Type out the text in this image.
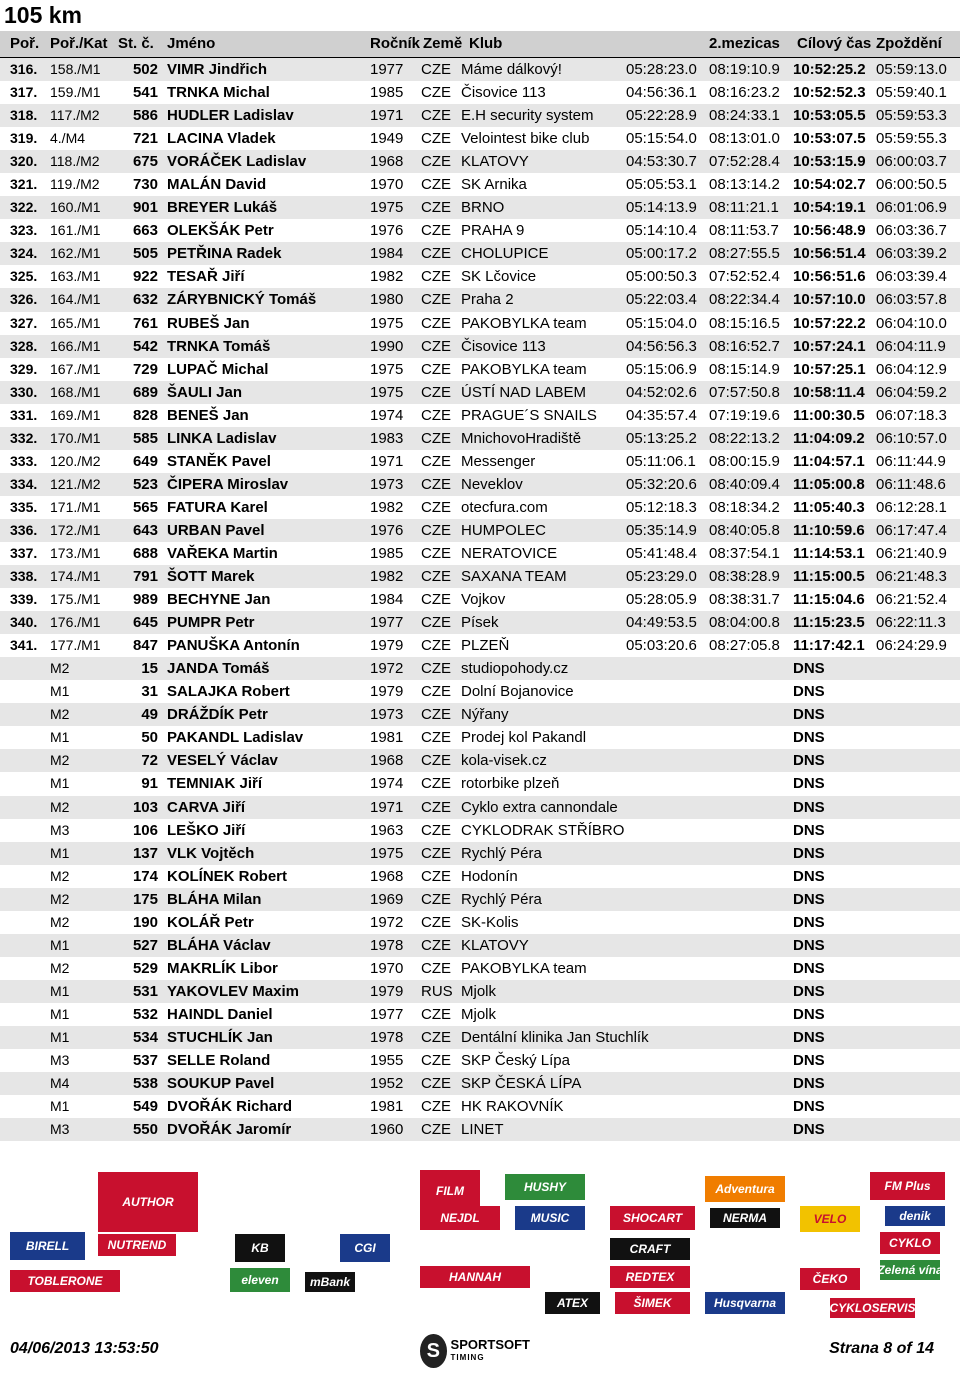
105 km
Poř. Poř./Kat St. č. Jméno	Ročník Země Klub	2.mezicas Cílový čas Zpoždění
316. 158./M1	502 VIMR Jindřich	1977 CZE Máme dálkový!	05:28:23.0 08:19:10.9 10:52:25.2 05:59:13.0
317. 159./M1	541 TRNKA Michal	1985 CZE Čisovice 113	04:56:36.1 08:16:23.2 10:52:52.3 05:59:40.1
318. 117./M2	586 HUDLER Ladislav	1971 CZE E.H security system	05:22:28.9 08:24:33.1 10:53:05.5 05:59:53.3
319. 4./M4	721 LACINA Vladek	1949 CZE Velointest bike club	05:15:54.0 08:13:01.0 10:53:07.5 05:59:55.3
320. 118./M2	675 VORÁČEK Ladislav	1968 CZE KLATOVY	04:53:30.7 07:52:28.4 10:53:15.9 06:00:03.7
321. 119./M2	730 MALÁN David	1970 CZE SK Arnika	05:05:53.1 08:13:14.2 10:54:02.7 06:00:50.5
322. 160./M1	901 BREYER Lukáš	1975 CZE BRNO	05:14:13.9 08:11:21.1 10:54:19.1 06:01:06.9
323. 161./M1	663 OLEKŠÁK Petr	1976 CZE PRAHA 9	05:14:10.4 08:11:53.7 10:56:48.9 06:03:36.7
324. 162./M1	505 PETŘINA Radek	1984 CZE CHOLUPICE	05:00:17.2 08:27:55.5 10:56:51.4 06:03:39.2
325. 163./M1	922 TESAŘ Jiří	1982 CZE SK Lčovice	05:00:50.3 07:52:52.4 10:56:51.6 06:03:39.4
326. 164./M1	632 ZÁRYBNICKÝ Tomáš	1980 CZE Praha 2	05:22:03.4 08:22:34.4 10:57:10.0 06:03:57.8
327. 165./M1	761 RUBEŠ Jan	1975 CZE PAKOBYLKA team	05:15:04.0 08:15:16.5 10:57:22.2 06:04:10.0
328. 166./M1	542 TRNKA Tomáš	1990 CZE Čisovice 113	04:56:56.3 08:16:52.7 10:57:24.1 06:04:11.9
329. 167./M1	729 LUPAČ Michal	1975 CZE PAKOBYLKA team	05:15:06.9 08:15:14.9 10:57:25.1 06:04:12.9
330. 168./M1	689 ŠAULI Jan	1975 CZE ÚSTÍ NAD LABEM	04:52:02.6 07:57:50.8 10:58:11.4 06:04:59.2
331. 169./M1	828 BENEŠ Jan	1974 CZE PRAGUE´S SNAILS	04:35:57.4 07:19:19.6 11:00:30.5 06:07:18.3
332. 170./M1	585 LINKA Ladislav	1983 CZE MnichovoHradiště	05:13:25.2 08:22:13.2 11:04:09.2 06:10:57.0
333. 120./M2	649 STANĚK Pavel	1971 CZE Messenger	05:11:06.1 08:00:15.9 11:04:57.1 06:11:44.9
334. 121./M2	523 ČIPERA Miroslav	1973 CZE Neveklov	05:32:20.6 08:40:09.4 11:05:00.8 06:11:48.6
335. 171./M1	565 FATURA Karel	1982 CZE otecfura.com	05:12:18.3 08:18:34.2 11:05:40.3 06:12:28.1
336. 172./M1	643 URBAN Pavel	1976 CZE HUMPOLEC	05:35:14.9 08:40:05.8 11:10:59.6 06:17:47.4
337. 173./M1	688 VAŘEKA Martin	1985 CZE NERATOVICE	05:41:48.4 08:37:54.1 11:14:53.1 06:21:40.9
338. 174./M1	791 ŠOTT Marek	1982 CZE SAXANA TEAM	05:23:29.0 08:38:28.9 11:15:00.5 06:21:48.3
339. 175./M1	989 BECHYNE Jan	1984 CZE Vojkov	05:28:05.9 08:38:31.7 11:15:04.6 06:21:52.4
340. 176./M1	645 PUMPR Petr	1977 CZE Písek	04:49:53.5 08:04:00.8 11:15:23.5 06:22:11.3
341. 177./M1	847 PANUŠKA Antonín	1979 CZE PLZEŇ	05:03:20.6 08:27:05.8 11:17:42.1 06:24:29.9
M2	15 JANDA Tomáš	1972 CZE studiopohody.cz	DNS
M1	31 SALAJKA Robert	1979 CZE Dolní Bojanovice	DNS
M2	49 DRÁŽDÍK Petr	1973 CZE Nýřany	DNS
M1	50 PAKANDL Ladislav	1981 CZE Prodej kol Pakandl	DNS
M2	72 VESELÝ Václav	1968 CZE kola-visek.cz	DNS
M1	91 TEMNIAK Jiří	1974 CZE rotorbike plzeň	DNS
M2	103 CARVA Jiří	1971 CZE Cyklo extra cannondale	DNS
M3	106 LEŠKO Jiří	1963 CZE CYKLODRAK STŘÍBRO	DNS
M1	137 VLK Vojtěch	1975 CZE Rychlý Péra	DNS
M2	174 KOLÍNEK Robert	1968 CZE Hodonín	DNS
M2	175 BLÁHA Milan	1969 CZE Rychlý Péra	DNS
M2	190 KOLÁŘ Petr	1972 CZE SK-Kolis	DNS
M1	527 BLÁHA Václav	1978 CZE KLATOVY	DNS
M2	529 MAKRLÍK Libor	1970 CZE PAKOBYLKA team	DNS
M1	531 YAKOVLEV Maxim	1979 RUS Mjolk	DNS
M1	532 HAINDL Daniel	1977 CZE Mjolk	DNS
M1	534 STUCHLÍK Jan	1978 CZE Dentální klinika Jan Stuchlík	DNS
M3	537 SELLE Roland	1955 CZE SKP Český Lípa	DNS
M4	538 SOUKUP Pavel	1952 CZE SKP ČESKÁ LÍPA	DNS
M1	549 DVOŘÁK Richard	1981 CZE HK RAKOVNÍK	DNS
M3	550 DVOŘÁK Jaromír	1960 CZE LINET	DNS
AUTHOR
BIRELL	NUTREND	KB	CGI
TOBLERONE	eleven	mBank
FILM	HUSHY
MUSIC
NEJDL	SHOCART
CRAFT
Adventura
NERMA	VELO
FM Plus
denik
CYKLO
Zelená vína
ATEX
REDTEX
ŠIMEK
HANNAH
CYKLOSERVIS
Husqvarna
ČEKO
04/06/2013 13:53:50	S SPORTSOFT
TIMING
Strana 8 of 14
